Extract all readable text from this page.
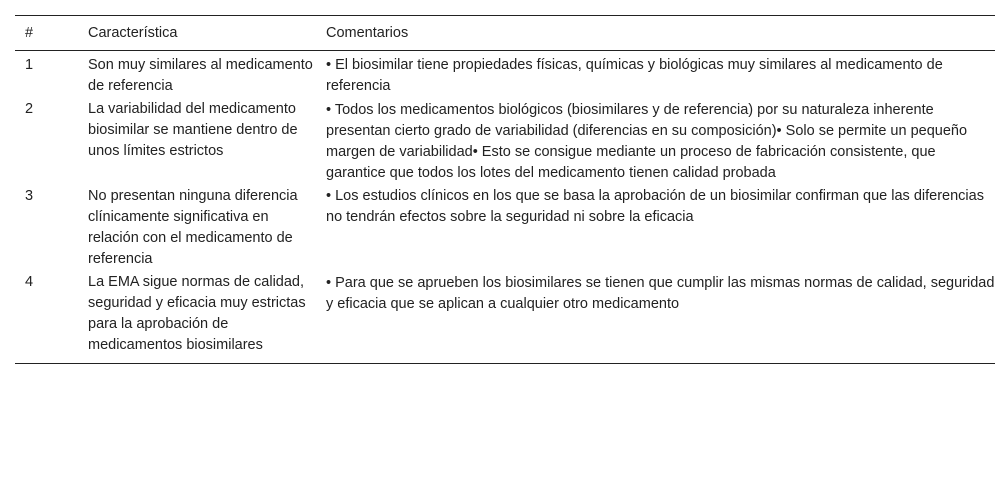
#	Característica	Comentarios
1	Son muy similares al medicamento de referencia	• El biosimilar tiene propiedades físicas, químicas y biológicas muy similares al medicamento de referencia
2	La variabilidad del medicamento biosimilar se mantiene dentro de unos límites estrictos	• Todos los medicamentos biológicos (biosimilares y de referencia) por su naturaleza inherente presentan cierto grado de variabilidad (diferencias en su composición)• Solo se permite un pequeño margen de variabilidad• Esto se consigue mediante un proceso de fabricación consistente, que garantice que todos los lotes del medicamento tienen calidad probada
3	No presentan ninguna diferencia clínicamente significativa en relación con el medicamento de referencia	• Los estudios clínicos en los que se basa la aprobación de un biosimilar confirman que las diferencias no tendrán efectos sobre la seguridad ni sobre la eficacia
4	La EMA sigue normas de calidad, seguridad y eficacia muy estrictas para la aprobación de medicamentos biosimilares	• Para que se aprueben los biosimilares se tienen que cumplir las mismas normas de calidad, seguridad y eficacia que se aplican a cualquier otro medicamento
